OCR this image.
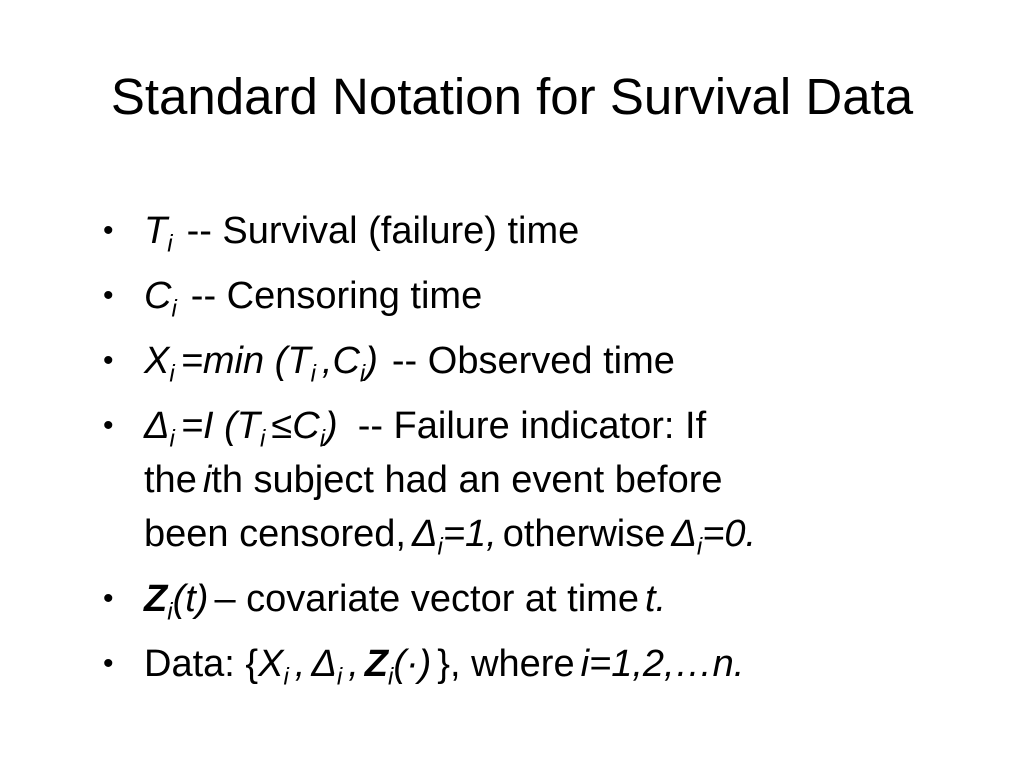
Standard Notation for Survival Data
• $T_i$ -- Survival (failure) time
• $C_i$ -- Censoring time
• $X_i =\min$ ($T_i$ $,C_i$) -- Observed time
• $\Delta_i =I$ $(T_i \le C_i)$ -- Failure indicator: If
the ith subject had an event before
been censored, $\Delta_i=1$, otherwise $\Delta_i=0$.
• $Z_i(t)$ – covariate vector at time t.
• Data: {$X_i$ , $\Delta_i$ , $Z_i(\cdot)$ }, where i=1,2,…n.
